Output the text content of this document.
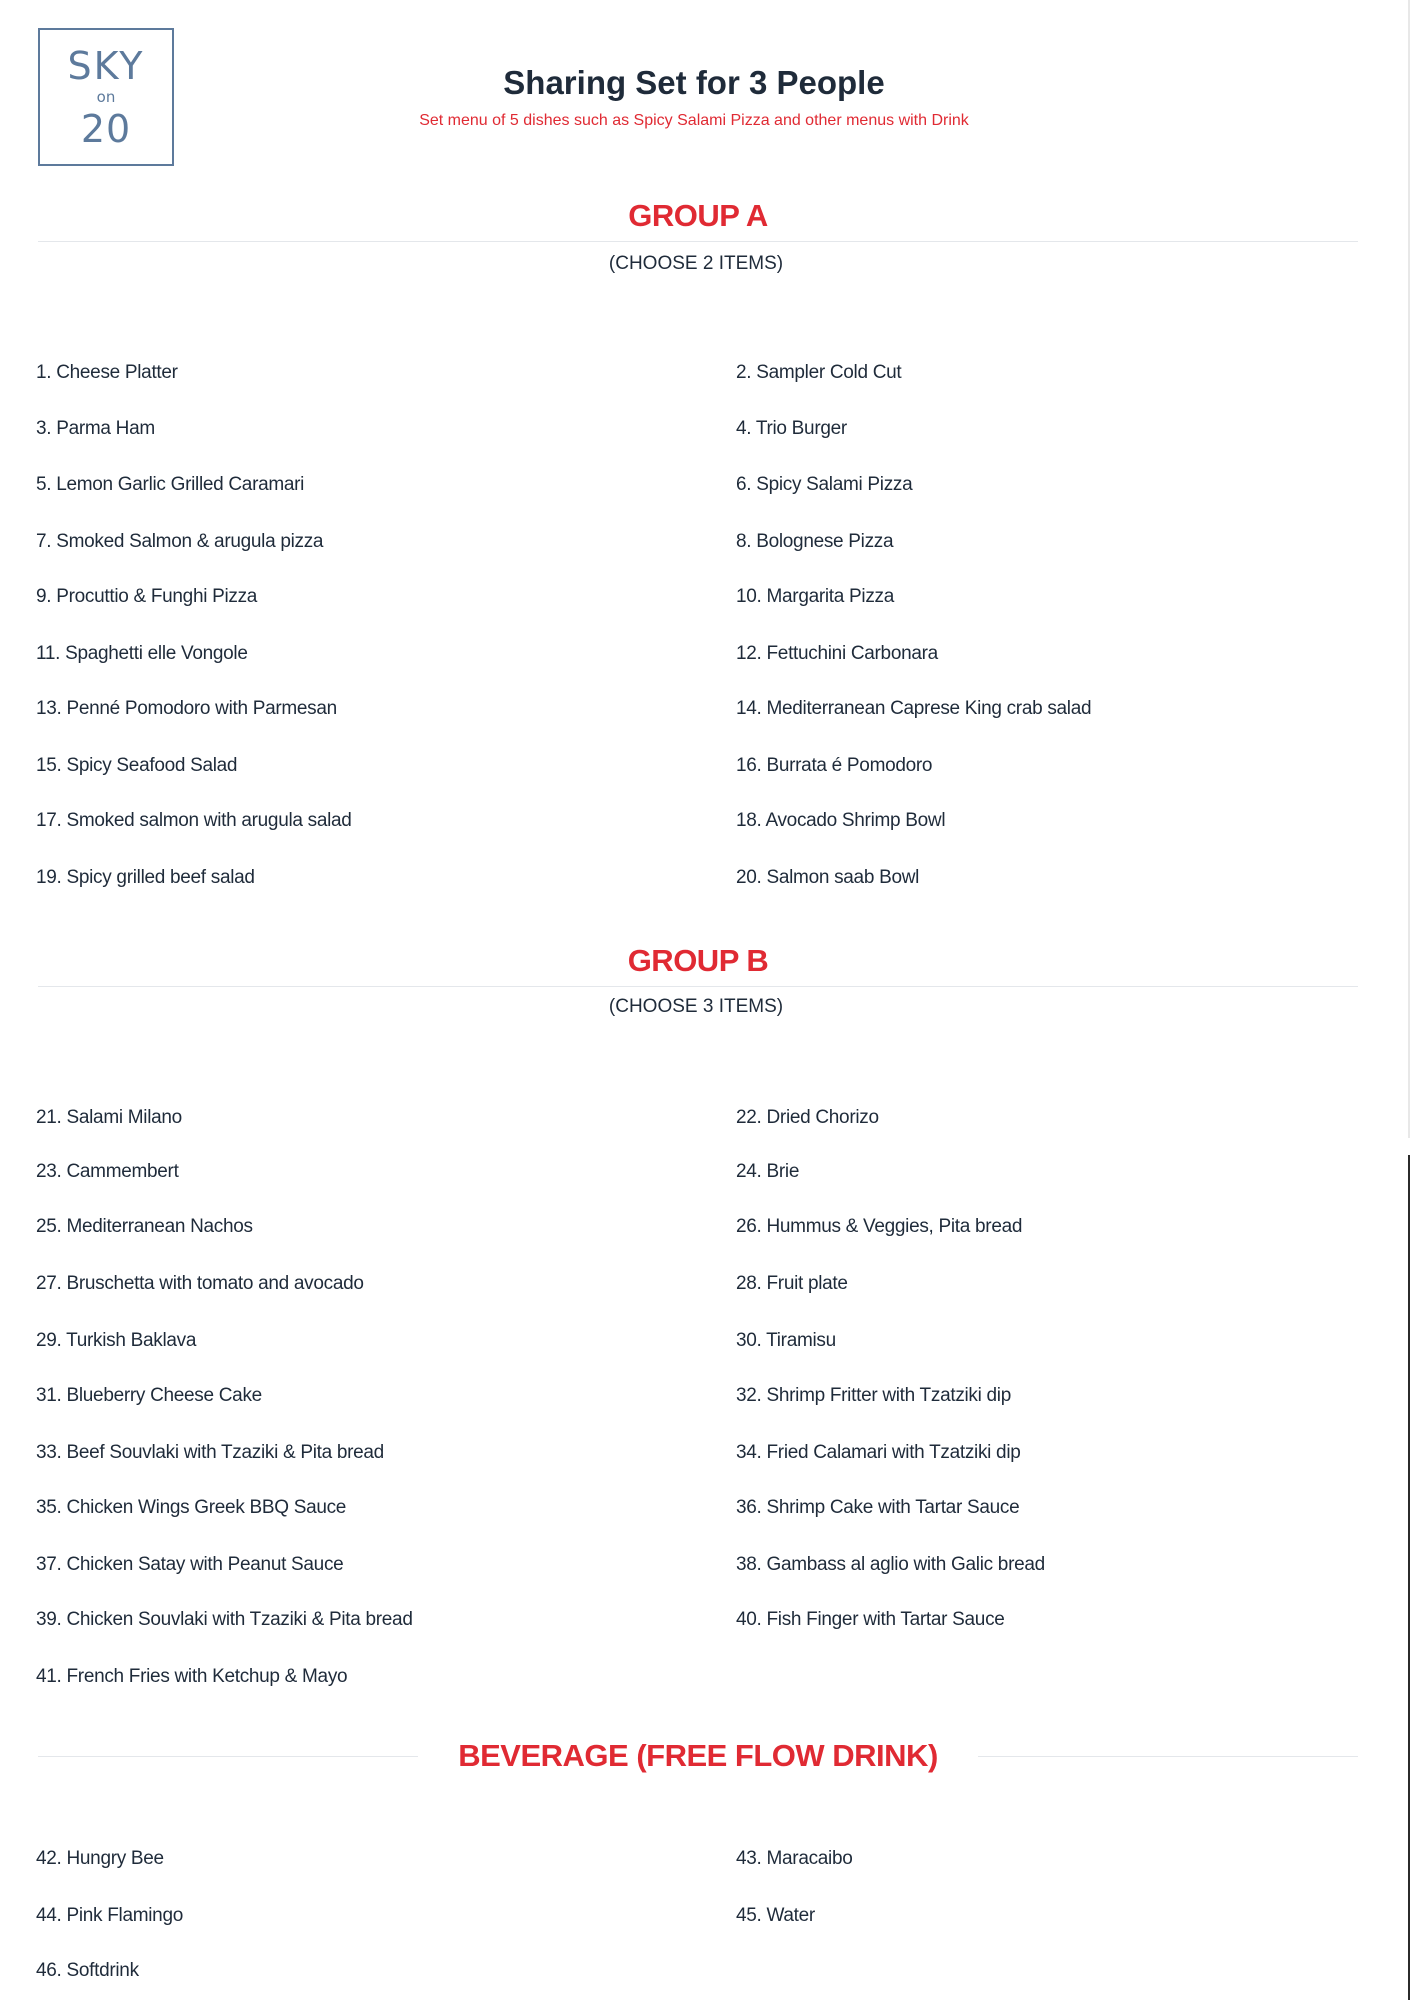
SKY
on
20
Sharing Set for 3 People
Set menu of 5 dishes such as Spicy Salami Pizza and other menus with Drink
GROUP A
(CHOOSE 2 ITEMS)
1. Cheese Platter	2. Sampler Cold Cut
3. Parma Ham	4. Trio Burger
5. Lemon Garlic Grilled Caramari	6. Spicy Salami Pizza
7. Smoked Salmon & arugula pizza	8. Bolognese Pizza
9. Procuttio & Funghi Pizza	10. Margarita Pizza
11. Spaghetti elle Vongole	12. Fettuchini Carbonara
13. Penné Pomodoro with Parmesan	14. Mediterranean Caprese King crab salad
15. Spicy Seafood Salad	16. Burrata é Pomodoro
17. Smoked salmon with arugula salad	18. Avocado Shrimp Bowl
19. Spicy grilled beef salad	20. Salmon saab Bowl
GROUP B
(CHOOSE 3 ITEMS)
21. Salami Milano	22. Dried Chorizo
23. Cammembert	24. Brie
25. Mediterranean Nachos	26. Hummus & Veggies, Pita bread
27. Bruschetta with tomato and avocado	28. Fruit plate
29. Turkish Baklava	30. Tiramisu
31. Blueberry Cheese Cake	32. Shrimp Fritter with Tzatziki dip
33. Beef Souvlaki with Tzaziki & Pita bread	34. Fried Calamari with Tzatziki dip
35. Chicken Wings Greek BBQ Sauce	36. Shrimp Cake with Tartar Sauce
37. Chicken Satay with Peanut Sauce	38. Gambass al aglio with Galic bread
39. Chicken Souvlaki with Tzaziki & Pita bread	40. Fish Finger with Tartar Sauce
41. French Fries with Ketchup & Mayo
BEVERAGE (FREE FLOW DRINK)
42. Hungry Bee	43. Maracaibo
44. Pink Flamingo	45. Water
46. Softdrink
